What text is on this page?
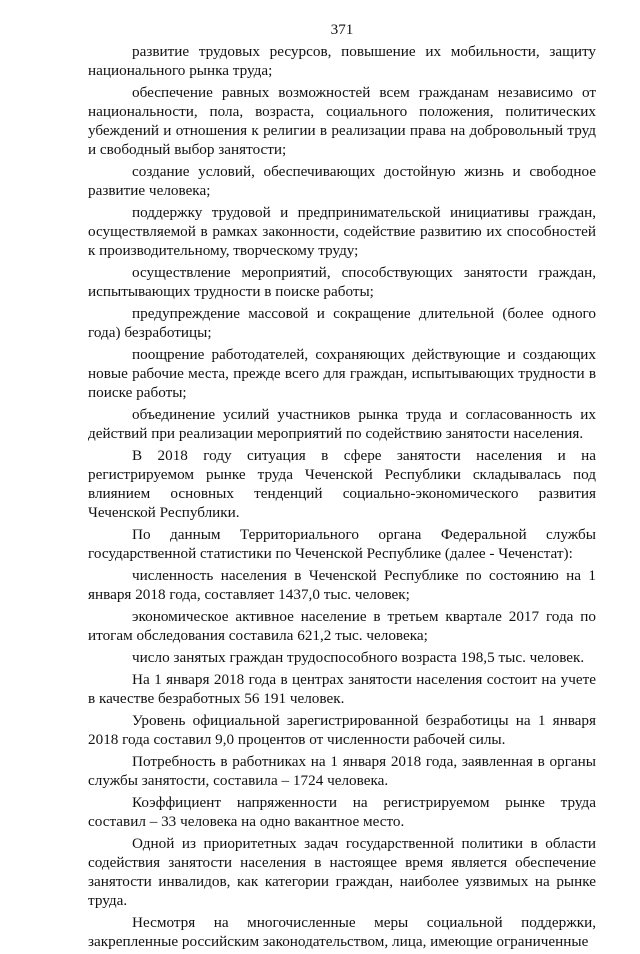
371

развитие трудовых ресурсов, повышение их мобильности, защиту национального рынка труда;

обеспечение равных возможностей всем гражданам независимо от национальности, пола, возраста, социального положения, политических убеждений и отношения к религии в реализации права на добровольный труд и свободный выбор занятости;

создание условий, обеспечивающих достойную жизнь и свободное развитие человека;

поддержку трудовой и предпринимательской инициативы граждан, осуществляемой в рамках законности, содействие развитию их способностей к производительному, творческому труду;

осуществление мероприятий, способствующих занятости граждан, испытывающих трудности в поиске работы;

предупреждение массовой и сокращение длительной (более одного года) безработицы;

поощрение работодателей, сохраняющих действующие и создающих новые рабочие места, прежде всего для граждан, испытывающих трудности в поиске работы;

объединение усилий участников рынка труда и согласованность их действий при реализации мероприятий по содействию занятости населения.

В 2018 году ситуация в сфере занятости населения и на регистрируемом рынке труда Чеченской Республики складывалась под влиянием основных тенденций социально-экономического развития Чеченской Республики.

По данным Территориального органа Федеральной службы государственной статистики по Чеченской Республике (далее - Чеченстат):

численность населения в Чеченской Республике по состоянию на 1 января 2018 года, составляет 1437,0 тыс. человек;

экономическое активное население в третьем квартале 2017 года по итогам обследования составила 621,2 тыс. человека;

число занятых граждан трудоспособного возраста 198,5 тыс. человек.

На 1 января 2018 года в центрах занятости населения состоит на учете в качестве безработных 56 191 человек.

Уровень официальной зарегистрированной безработицы на 1 января 2018 года составил 9,0 процентов от численности рабочей силы.

Потребность в работниках на 1 января 2018 года, заявленная в органы службы занятости, составила – 1724 человека.

Коэффициент напряженности на регистрируемом рынке труда составил – 33 человека на одно вакантное место.

Одной из приоритетных задач государственной политики в области содействия занятости населения в настоящее время является обеспечение занятости инвалидов, как категории граждан, наиболее уязвимых на рынке труда.

Несмотря на многочисленные меры социальной поддержки, закрепленные российским законодательством, лица, имеющие ограниченные
